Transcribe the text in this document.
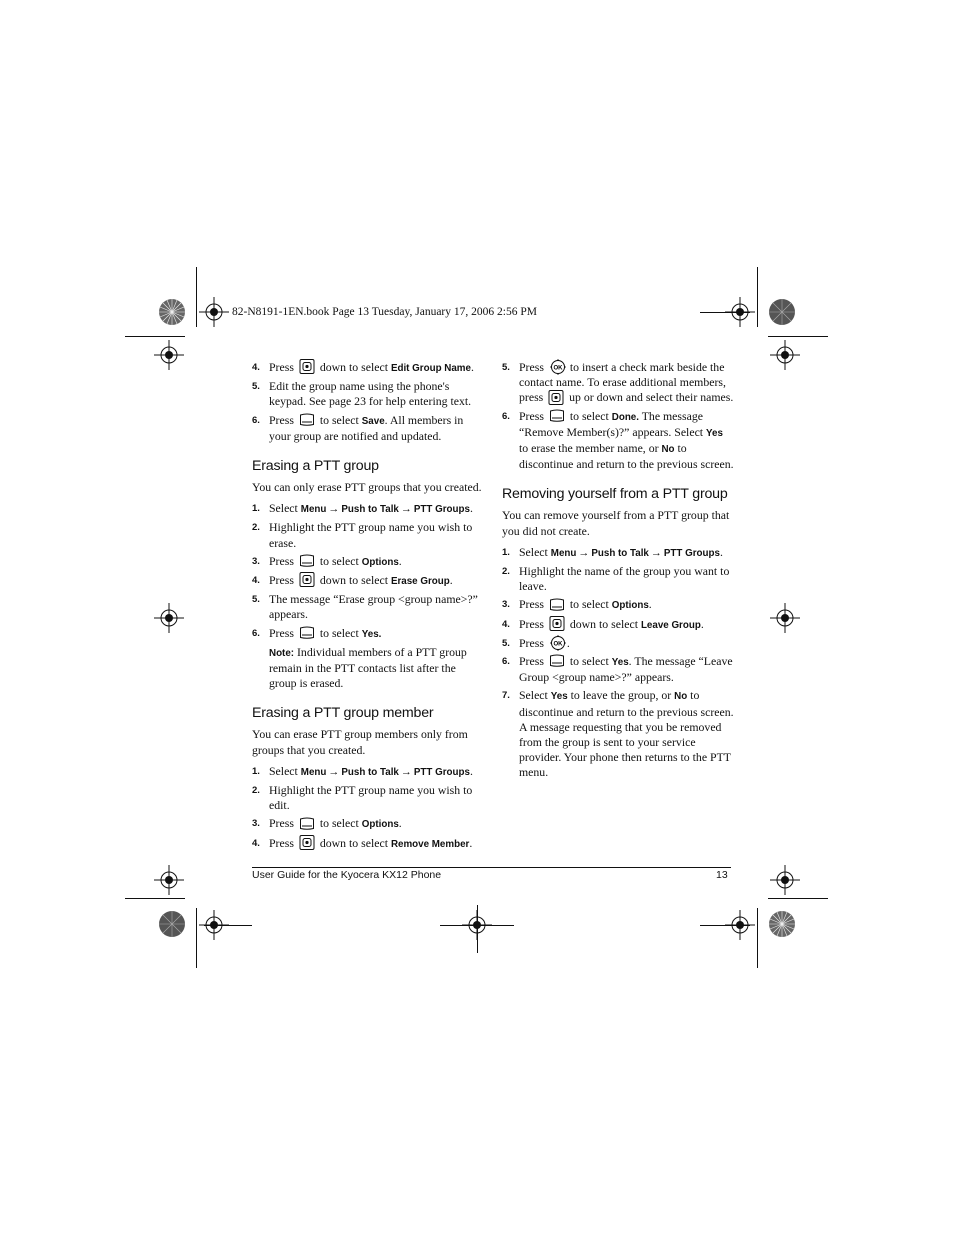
82-N8191-1EN.book Page 13 Tuesday, January 17, 2006 2:56 PM
4. Press down to select Edit Group Name.
5. Edit the group name using the phone's keypad. See page 23 for help entering text.
6. Press to select Save. All members in your group are notified and updated.
Erasing a PTT group

You can only erase PTT groups that you created.

1. Select Menu → Push to Talk → PTT Groups.
2. Highlight the PTT group name you wish to erase.
3. Press to select Options.
4. Press down to select Erase Group.
5. The message “Erase group <group name>?” appears.
6. Press to select Yes.
Note: Individual members of a PTT group remain in the PTT contacts list after the group is erased.
Erasing a PTT group member

You can erase PTT group members only from groups that you created.

1. Select Menu → Push to Talk → PTT Groups.
2. Highlight the PTT group name you wish to edit.
3. Press to select Options.
4. Press down to select Remove Member.
5. Press OK to insert a check mark beside the contact name. To erase additional members, press up or down and select their names.
6. Press to select Done. The message “Remove Member(s)?” appears. Select Yes to erase the member name, or No to discontinue and return to the previous screen.
Removing yourself from a PTT group

You can remove yourself from a PTT group that you did not create.

1. Select Menu → Push to Talk → PTT Groups.
2. Highlight the name of the group you want to leave.
3. Press to select Options.
4. Press down to select Leave Group.
5. Press OK .
6. Press to select Yes. The message “Leave Group <group name>?” appears.
7. Select Yes to leave the group, or No to discontinue and return to the previous screen. A message requesting that you be removed from the group is sent to your service provider. Your phone then returns to the PTT menu.
User Guide for the Kyocera KX12 Phone	13
